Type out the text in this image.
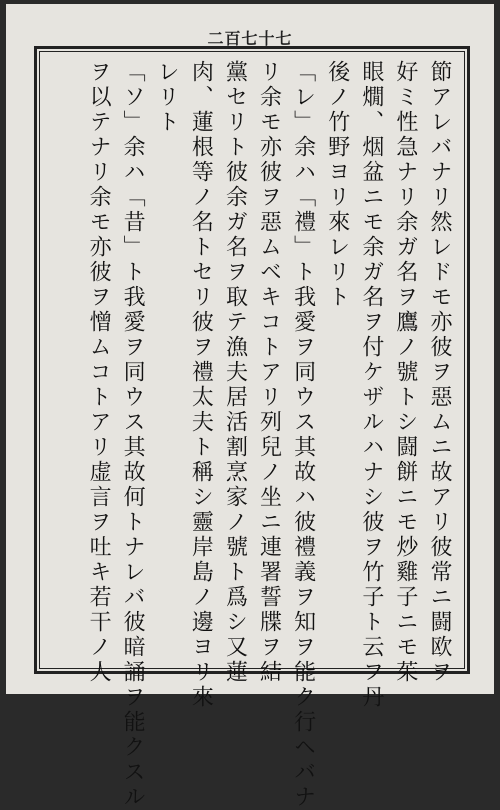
二百七十七
節アレバナリ然レドモ亦彼ヲ惡ムニ故アリ彼常ニ闘欧ヲ
好ミ性急ナリ余ガ名ヲ鷹ノ號トシ闘餅ニモ炒雞子ニモ茱
眼燗、烟盆ニモ余ガ名ヲ付ケザルハナシ彼ヲ竹子ト云フ丹
後ノ竹野ヨリ來レリト
「レ」余ハ「禮」ト我愛ヲ同ウス其故ハ彼禮義ヲ知ヲ能ク行ヘバナ
リ余モ亦彼ヲ惡ムベキコトアリ列兒ノ坐ニ連署誓牒ヲ結
黨セリト彼余ガ名ヲ取テ漁夫居活割烹家ノ號ト爲シ又蓮
肉、蓮根等ノ名トセリ彼ヲ禮太夫ト稱シ靈岸島ノ邊ヨリ來
レリト
「ソ」余ハ「昔」ト我愛ヲ同ウス其故何トナレバ彼暗誦ヲ能クスル
ヲ以テナリ余モ亦彼ヲ憎ムコトアリ虚言ヲ吐キ若干ノ人
